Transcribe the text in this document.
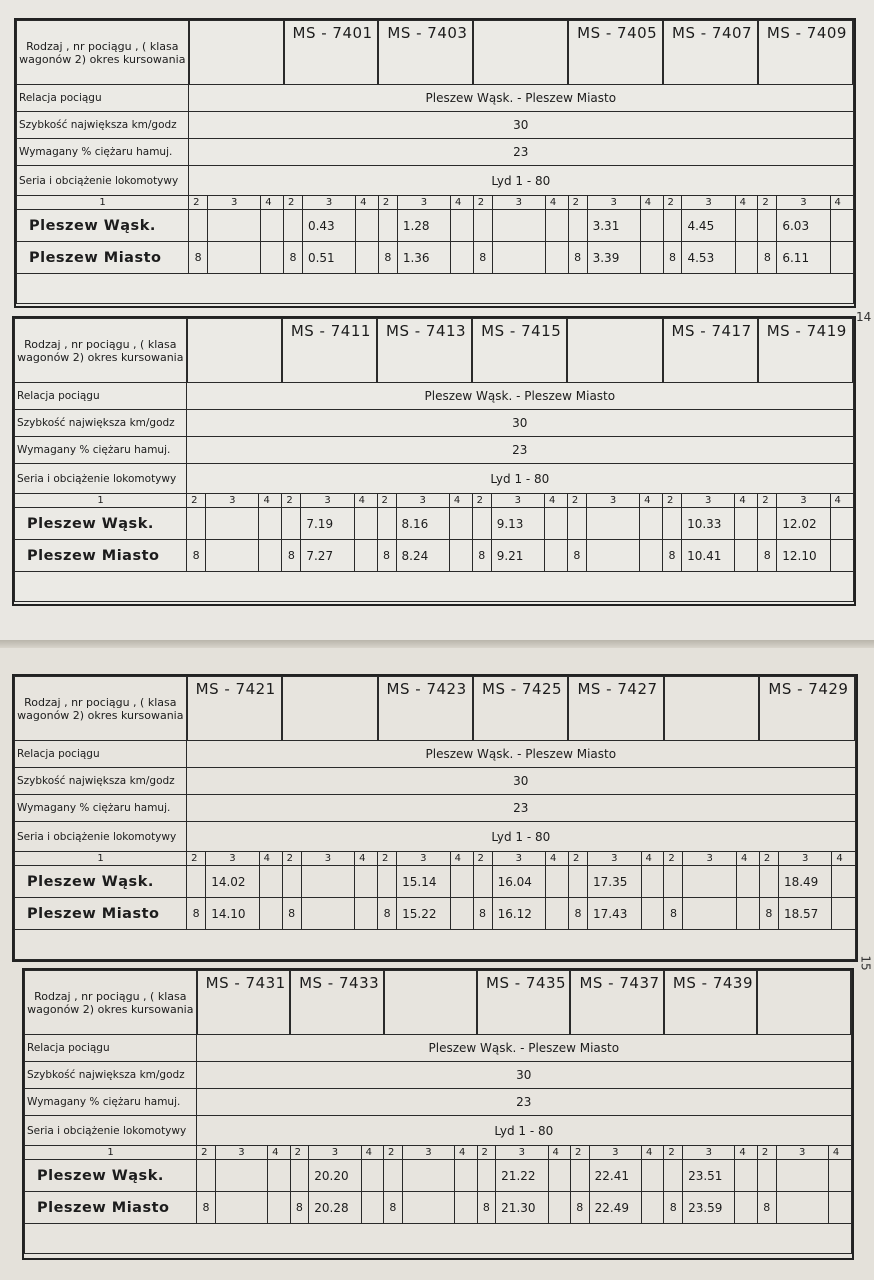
14
15
Rodzaj , nr pociągu , ( klasa wagonów 2) okres kursowania				MS - 7401			MS - 7403						MS - 7405			MS - 7407			MS - 7409		
Relacja pociągu	Pleszew Wąsk. - Pleszew Miasto																				
Szybkość największa km/godz	30																				
Wymagany % ciężaru hamuj.	23																				
Seria i obciążenie lokomotywy	Lyd 1 - 80																				
1	2	3	4	2	3	4	2	3	4	2	3	4	2	3	4	2	3	4	2	3	4
Pleszew Wąsk.					0.43			1.28						3.31			4.45			6.03	
Pleszew Miasto	8			8	0.51		8	1.36		8			8	3.39		8	4.53		8	6.11	

Rodzaj , nr pociągu , ( klasa wagonów 2) okres kursowania				MS - 7411			MS - 7413			MS - 7415						MS - 7417			MS - 7419		
Relacja pociągu	Pleszew Wąsk. - Pleszew Miasto																				
Szybkość największa km/godz	30																				
Wymagany % ciężaru hamuj.	23																				
Seria i obciążenie lokomotywy	Lyd 1 - 80																				
1	2	3	4	2	3	4	2	3	4	2	3	4	2	3	4	2	3	4	2	3	4
Pleszew Wąsk.					7.19			8.16			9.13						10.33			12.02	
Pleszew Miasto	8			8	7.27		8	8.24		8	9.21		8			8	10.41		8	12.10	

Rodzaj , nr pociągu , ( klasa wagonów 2) okres kursowania	MS - 7421						MS - 7423			MS - 7425			MS - 7427						MS - 7429		
Relacja pociągu	Pleszew Wąsk. - Pleszew Miasto																				
Szybkość największa km/godz	30																				
Wymagany % ciężaru hamuj.	23																				
Seria i obciążenie lokomotywy	Lyd 1 - 80																				
1	2	3	4	2	3	4	2	3	4	2	3	4	2	3	4	2	3	4	2	3	4
Pleszew Wąsk.		14.02						15.14			16.04			17.35						18.49	
Pleszew Miasto	8	14.10		8			8	15.22		8	16.12		8	17.43		8			8	18.57	

Rodzaj , nr pociągu , ( klasa wagonów 2) okres kursowania	MS - 7431			MS - 7433						MS - 7435			MS - 7437			MS - 7439					
Relacja pociągu	Pleszew Wąsk. - Pleszew Miasto																				
Szybkość największa km/godz	30																				
Wymagany % ciężaru hamuj.	23																				
Seria i obciążenie lokomotywy	Lyd 1 - 80																				
1	2	3	4	2	3	4	2	3	4	2	3	4	2	3	4	2	3	4	2	3	4
Pleszew Wąsk.					20.20						21.22			22.41			23.51				
Pleszew Miasto	8			8	20.28		8			8	21.30		8	22.49		8	23.59		8		
